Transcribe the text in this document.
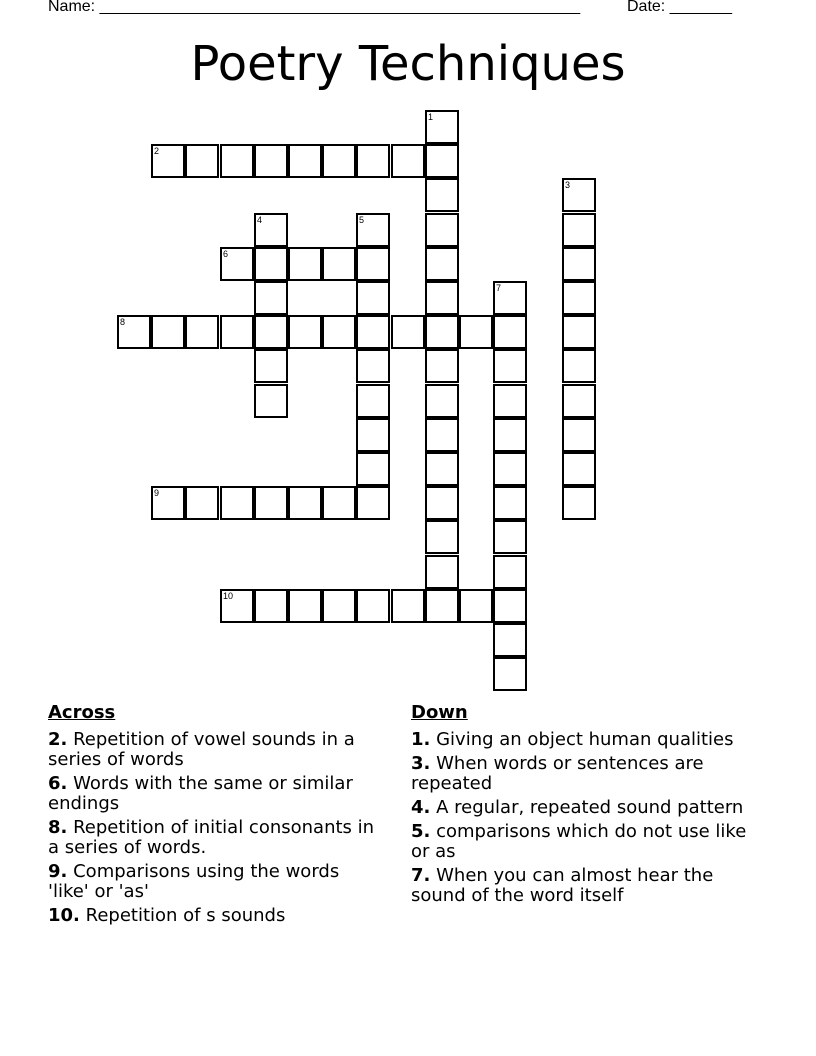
Name: ______________________________________________________	Date: _______
Poetry Techniques
1
2
3
4	5
6
7
8
9
10
Across
2. Repetition of vowel sounds in a series of words
6. Words with the same or similar endings
8. Repetition of initial consonants in a series of words.
9. Comparisons using the words 'like' or 'as'
10. Repetition of s sounds
Down
1. Giving an object human qualities
3. When words or sentences are repeated
4. A regular, repeated sound pattern
5. comparisons which do not use like or as
7. When you can almost hear the sound of the word itself
